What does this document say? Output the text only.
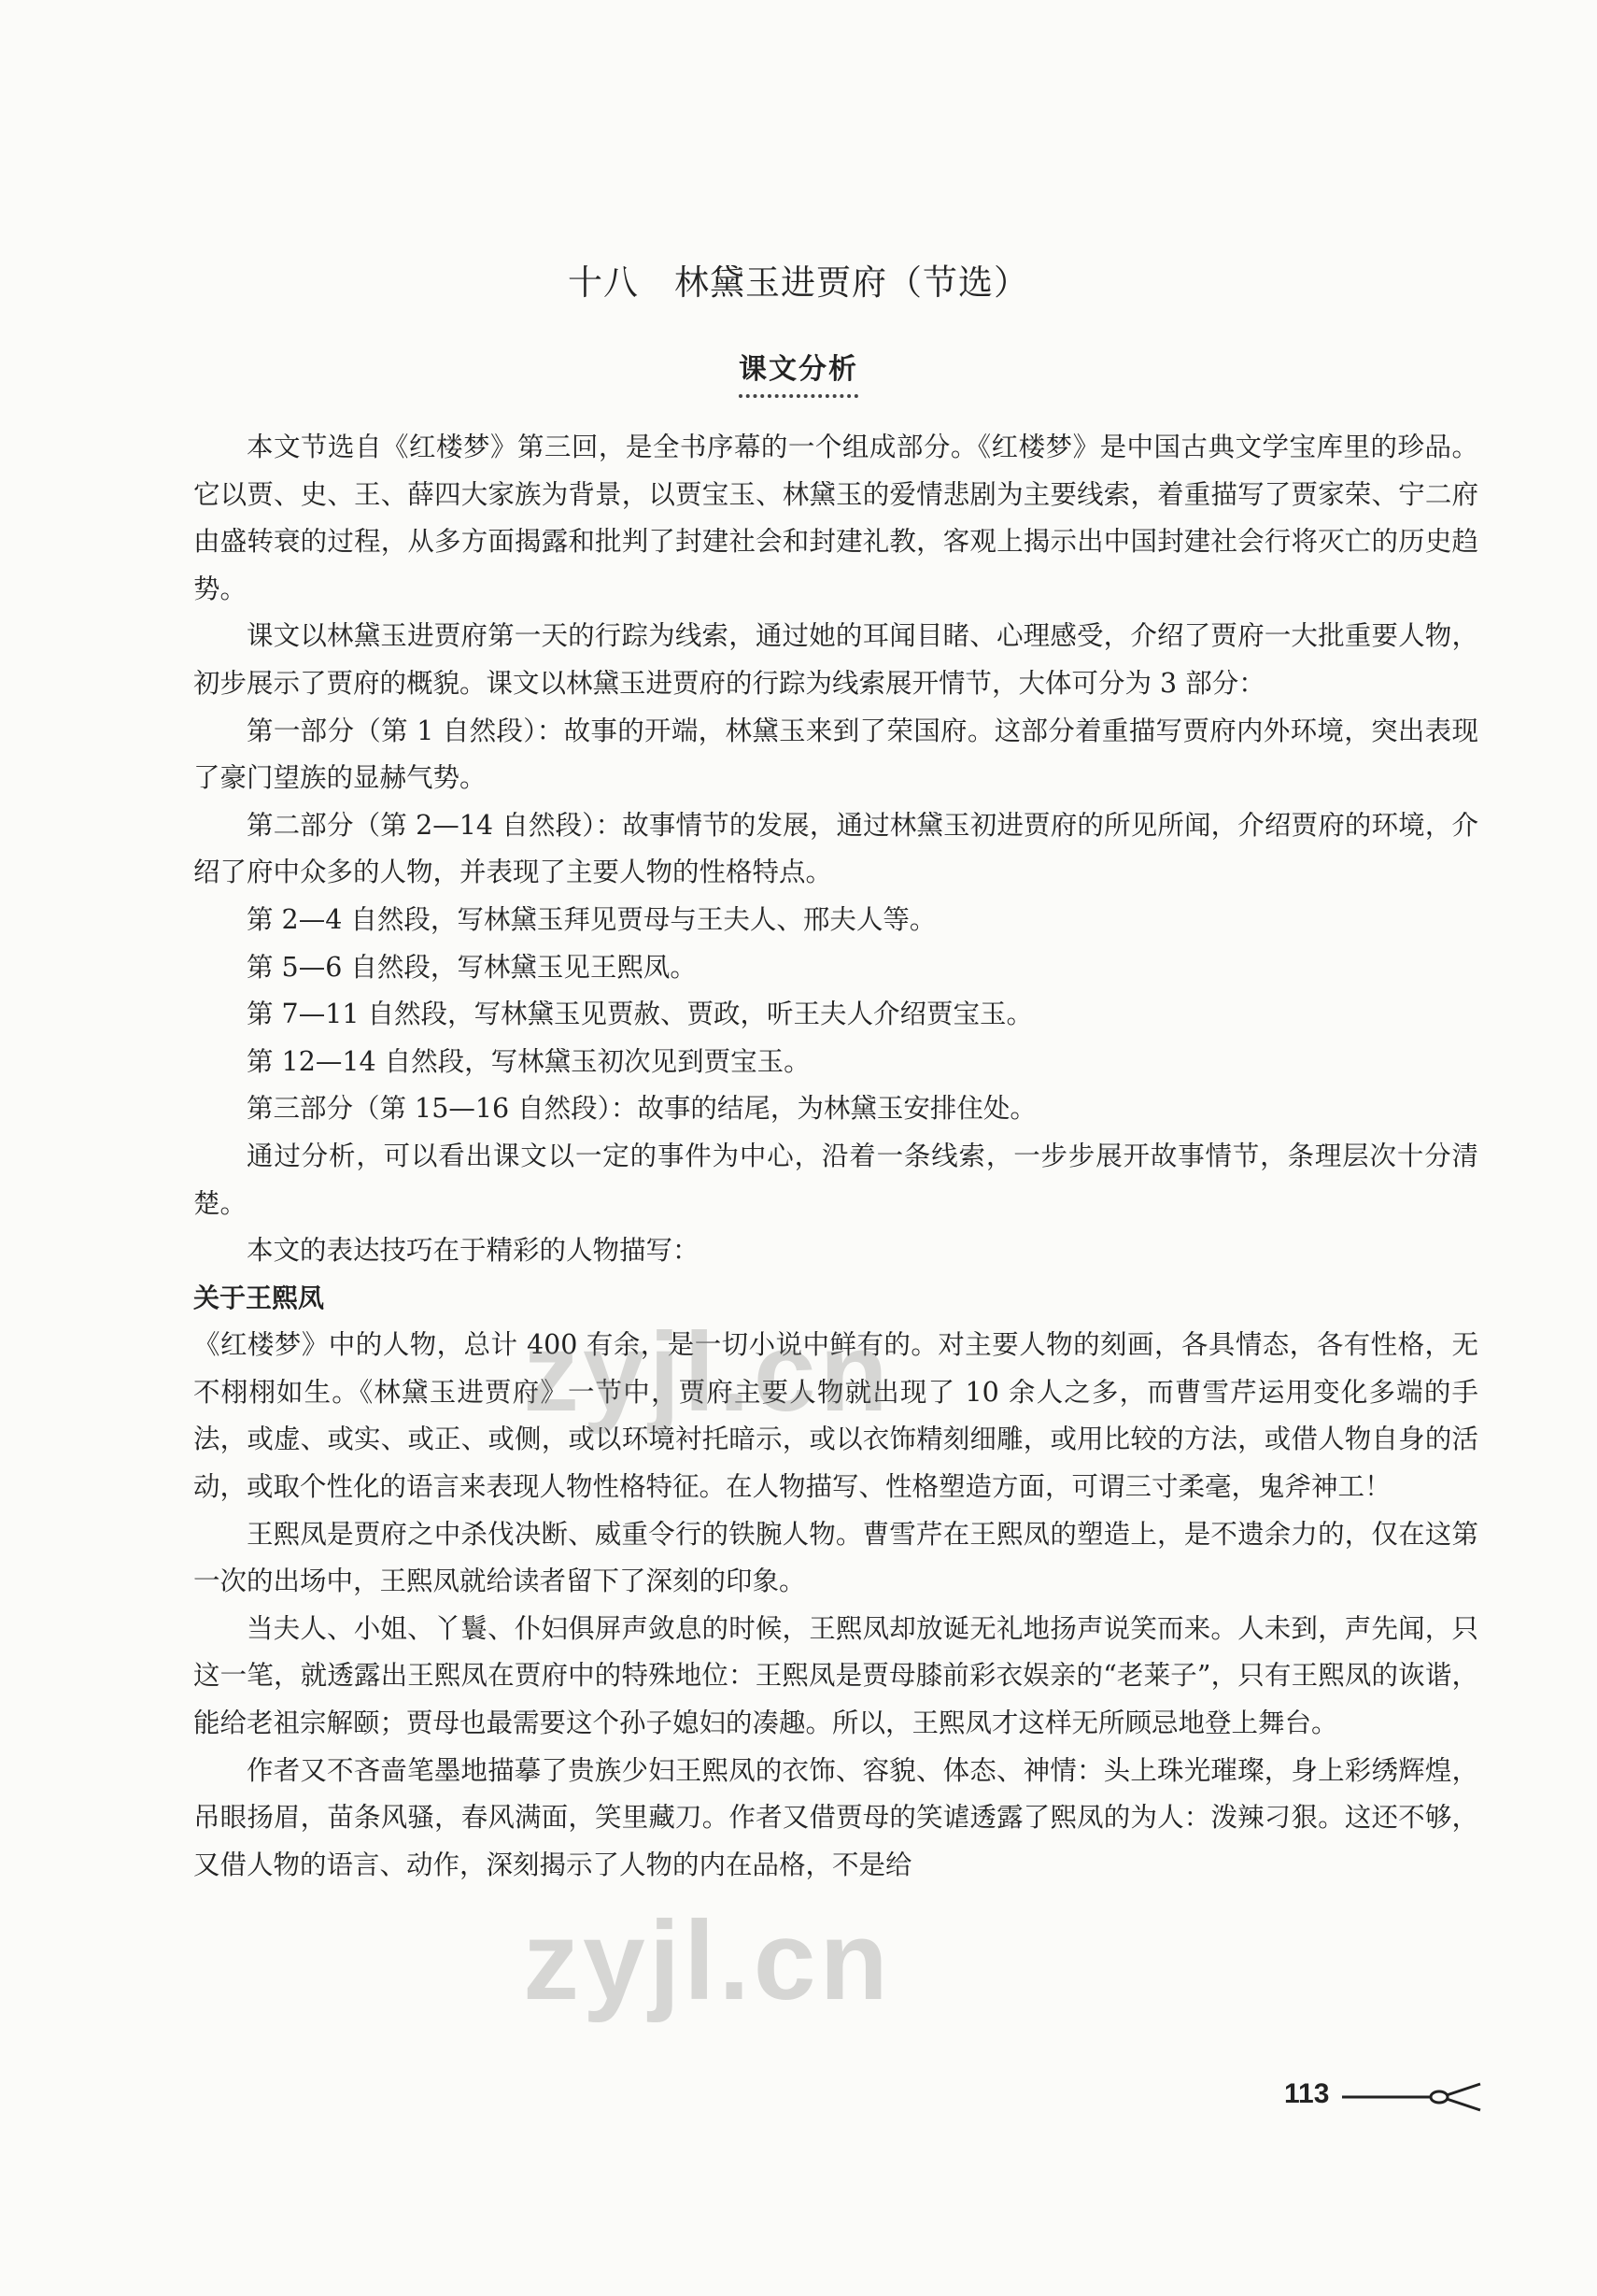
十八　林黛玉进贾府（节选）
课文分析

本文节选自《红楼梦》第三回，是全书序幕的一个组成部分。《红楼梦》是中国古典文学宝库里的珍品。它以贾、史、王、薛四大家族为背景，以贾宝玉、林黛玉的爱情悲剧为主要线索，着重描写了贾家荣、宁二府由盛转衰的过程，从多方面揭露和批判了封建社会和封建礼教，客观上揭示出中国封建社会行将灭亡的历史趋势。

课文以林黛玉进贾府第一天的行踪为线索，通过她的耳闻目睹、心理感受，介绍了贾府一大批重要人物，初步展示了贾府的概貌。课文以林黛玉进贾府的行踪为线索展开情节，大体可分为 3 部分：

第一部分（第 1 自然段）：故事的开端，林黛玉来到了荣国府。这部分着重描写贾府内外环境，突出表现了豪门望族的显赫气势。

第二部分（第 2—14 自然段）：故事情节的发展，通过林黛玉初进贾府的所见所闻，介绍贾府的环境，介绍了府中众多的人物，并表现了主要人物的性格特点。

第 2—4 自然段，写林黛玉拜见贾母与王夫人、邢夫人等。

第 5—6 自然段，写林黛玉见王熙凤。

第 7—11 自然段，写林黛玉见贾赦、贾政，听王夫人介绍贾宝玉。

第 12—14 自然段，写林黛玉初次见到贾宝玉。

第三部分（第 15—16 自然段）：故事的结尾，为林黛玉安排住处。

通过分析，可以看出课文以一定的事件为中心，沿着一条线索，一步步展开故事情节，条理层次十分清楚。

本文的表达技巧在于精彩的人物描写：

关于王熙凤

《红楼梦》中的人物，总计 400 有余，是一切小说中鲜有的。对主要人物的刻画，各具情态，各有性格，无不栩栩如生。《林黛玉进贾府》一节中，贾府主要人物就出现了 10 余人之多，而曹雪芹运用变化多端的手法，或虚、或实、或正、或侧，或以环境衬托暗示，或以衣饰精刻细雕，或用比较的方法，或借人物自身的活动，或取个性化的语言来表现人物性格特征。在人物描写、性格塑造方面，可谓三寸柔毫，鬼斧神工！

王熙凤是贾府之中杀伐决断、威重令行的铁腕人物。曹雪芹在王熙凤的塑造上，是不遗余力的，仅在这第一次的出场中，王熙凤就给读者留下了深刻的印象。

当夫人、小姐、丫鬟、仆妇俱屏声敛息的时候，王熙凤却放诞无礼地扬声说笑而来。人未到，声先闻，只这一笔，就透露出王熙凤在贾府中的特殊地位：王熙凤是贾母膝前彩衣娱亲的“老莱子”，只有王熙凤的诙谐，能给老祖宗解颐；贾母也最需要这个孙子媳妇的凑趣。所以，王熙凤才这样无所顾忌地登上舞台。

作者又不吝啬笔墨地描摹了贵族少妇王熙凤的衣饰、容貌、体态、神情：头上珠光璀璨，身上彩绣辉煌，吊眼扬眉，苗条风骚，春风满面，笑里藏刀。作者又借贾母的笑谑透露了熙凤的为人：泼辣刁狠。这还不够，又借人物的语言、动作，深刻揭示了人物的内在品格，不是给

zyjl.cn
zyjl.cn
113
